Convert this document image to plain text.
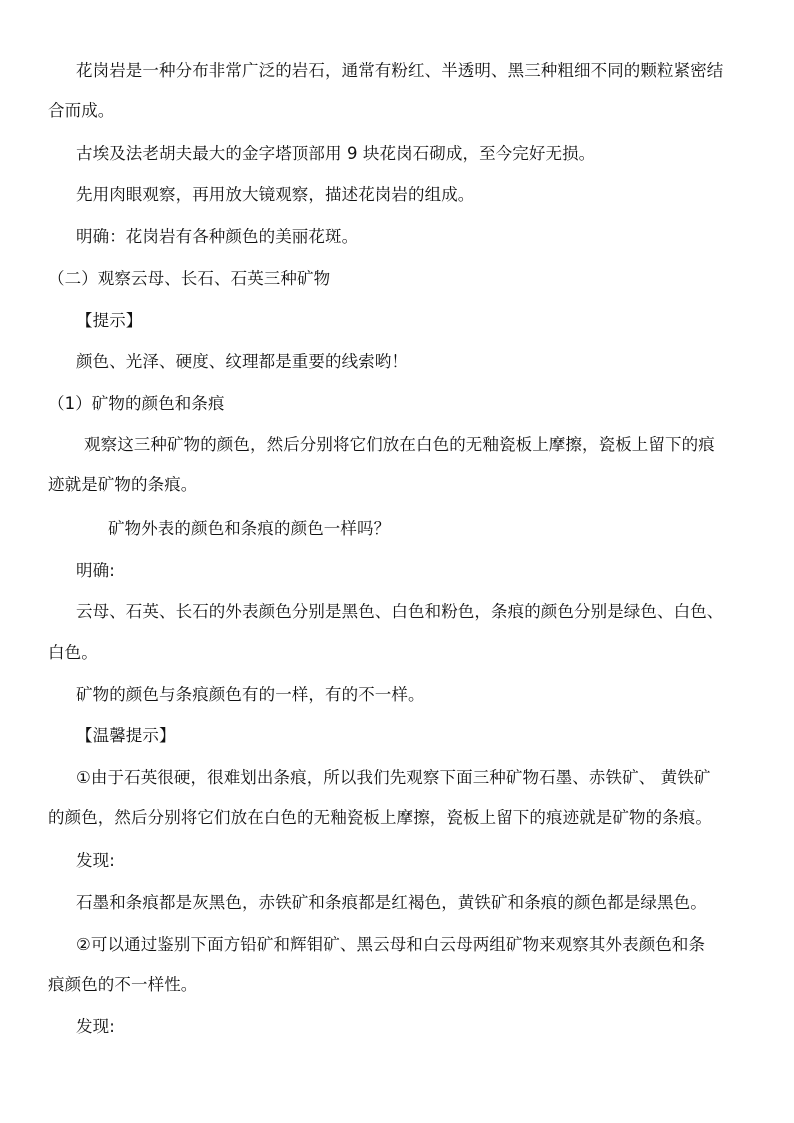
花岗岩是一种分布非常广泛的岩石，通常有粉红、半透明、黑三种粗细不同的颗粒紧密结
合而成。
古埃及法老胡夫最大的金字塔顶部用 9 块花岗石砌成，至今完好无损。
先用肉眼观察，再用放大镜观察，描述花岗岩的组成。
明确：花岗岩有各种颜色的美丽花斑。
（二）观察云母、长石、石英三种矿物
【提示】
颜色、光泽、硬度、纹理都是重要的线索哟！
（1）矿物的颜色和条痕
观察这三种矿物的颜色，然后分别将它们放在白色的无釉瓷板上摩擦，瓷板上留下的痕
迹就是矿物的条痕。
矿物外表的颜色和条痕的颜色一样吗？
明确:
云母、石英、长石的外表颜色分别是黑色、白色和粉色，条痕的颜色分别是绿色、白色、
白色。
矿物的颜色与条痕颜色有的一样，有的不一样。
【温馨提示】
①由于石英很硬，很难划出条痕，所以我们先观察下面三种矿物石墨、赤铁矿、 黄铁矿
的颜色，然后分别将它们放在白色的无釉瓷板上摩擦，瓷板上留下的痕迹就是矿物的条痕。
发现:
石墨和条痕都是灰黑色，赤铁矿和条痕都是红褐色，黄铁矿和条痕的颜色都是绿黑色。
②可以通过鉴别下面方铅矿和辉钼矿、黑云母和白云母两组矿物来观察其外表颜色和条
痕颜色的不一样性。
发现:
